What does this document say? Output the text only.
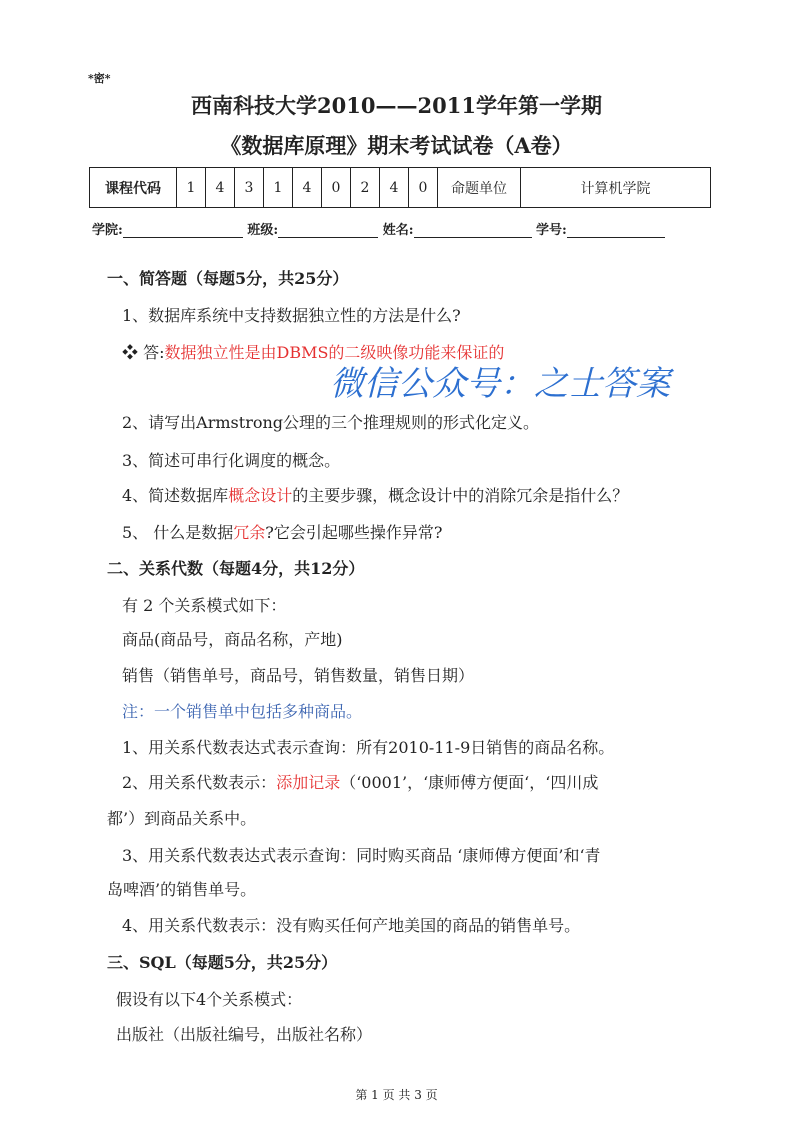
*密*
西南科技大学2010——2011学年第一学期
《数据库原理》期末考试试卷（A卷）
课程代码	1	4	3	1	4	0	2	4	0	命题单位	计算机学院
学院:	班级:	姓名:	学号:
一、简答题（每题5分，共25分）
1、数据库系统中支持数据独立性的方法是什么?
❖ 答:数据独立性是由DBMS的二级映像功能来保证的
微信公众号：之士答案
2、请写出Armstrong公理的三个推理规则的形式化定义。
3、简述可串行化调度的概念。
4、简述数据库概念设计的主要步骤，概念设计中的消除冗余是指什么？
5、 什么是数据冗余?它会引起哪些操作异常?
二、关系代数（每题4分，共12分）
有 2 个关系模式如下：
商品(商品号，商品名称，产地)
销售（销售单号，商品号，销售数量，销售日期）
注：一个销售单中包括多种商品。
1、用关系代数表达式表示查询：所有2010-11-9日销售的商品名称。
2、用关系代数表示：添加记录（‘0001’，‘康师傅方便面‘，‘四川成
都’）到商品关系中。
3、用关系代数表达式表示查询：同时购买商品 ‘康师傅方便面’和‘青
岛啤酒’的销售单号。
4、用关系代数表示：没有购买任何产地美国的商品的销售单号。
三、SQL（每题5分，共25分）
假设有以下4个关系模式：
出版社（出版社编号，出版社名称）
第 1 页 共 3 页
